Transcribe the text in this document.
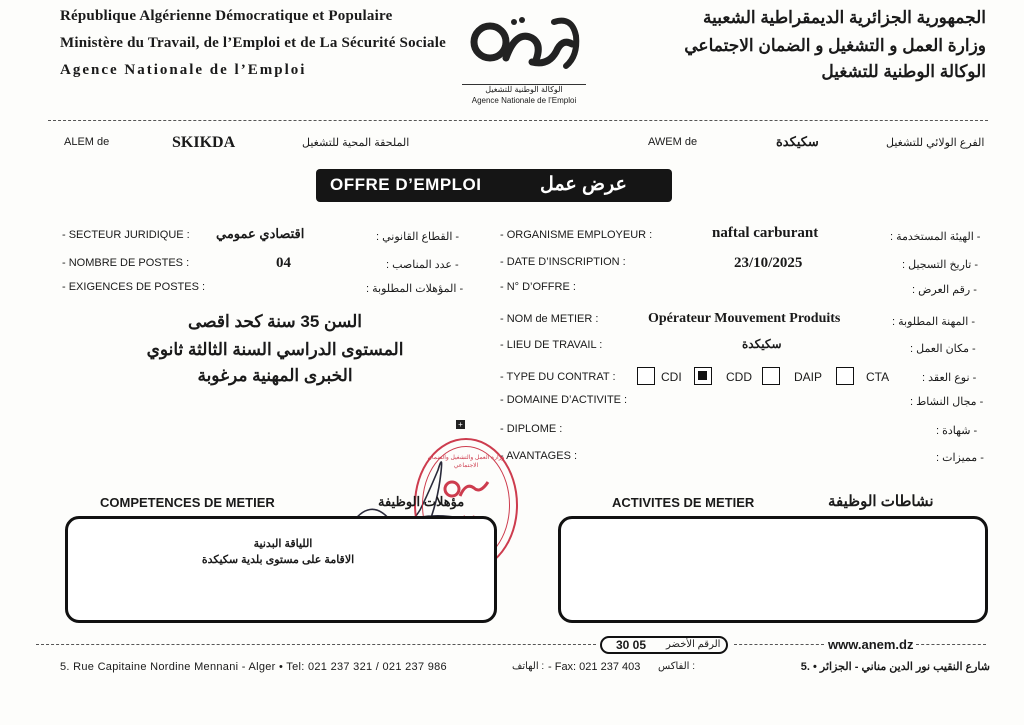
République Algérienne Démocratique et Populaire
Ministère du Travail, de l’Emploi et de La Sécurité Sociale
Agence Nationale de l’Emploi
الجمهورية الجزائرية الديمقراطية الشعبية
وزارة العمل و التشغيل و الضمان الاجتماعي
الوكالة الوطنية للتشغيل
الوكالة الوطنية للتشغيل
Agence Nationale de l’Emploi
ALEM de	SKIKDA	الملحقة المحية للتشغيل	AWEM de	سكيكدة	الفرع الولائي للتشغيل
OFFRE D’EMPLOI	عرض عمل
- SECTEUR JURIDIQUE : اقتصادي عمومي	- القطاع القانوني :
- NOMBRE DE POSTES :	04	- عدد المناصب :
- EXIGENCES DE POSTES :	- المؤهلات المطلوبة :
السن 35 سنة كحد اقصى
المستوى الدراسي السنة الثالثة ثانوي
الخبرى المهنية مرغوبة
- ORGANISME EMPLOYEUR :	naftal carburant	- الهيئة المستخدمة :
- DATE D’INSCRIPTION :	23/10/2025	- تاريخ التسجيل :
- N° D’OFFRE :	- رقم العرض :
- NOM de METIER :	Opérateur Mouvement Produits	- المهنة المطلوبة :
- LIEU DE TRAVAIL :	سكيكدة	- مكان العمل :
- TYPE DU CONTRAT :	CDI	CDD	DAIP	CTA	- نوع العقد :
- DOMAINE D’ACTIVITE :	- مجال النشاط :
- DIPLOME :	- شهادة :
- AVANTAGES :	- مميزات :
+
وزارة العمل والتشغيل والضمان الاجتماعي
COMPETENCES DE METIER	مؤهلات الوظيفة
اللياقة البدنية
الاقامة على مستوى بلدية سكيكدة
ACTIVITES DE METIER	نشاطات الوظيفة
30 05 الرقم الأخضر	www.anem.dz
5. Rue Capitaine Nordine Mennani - Alger • Tel: 021 237 321 / 021 237 986	: الهاتف - Fax: 021 237 403 : الفاكس	شارع النقيب نور الدين مناني - الجزائر • .5
